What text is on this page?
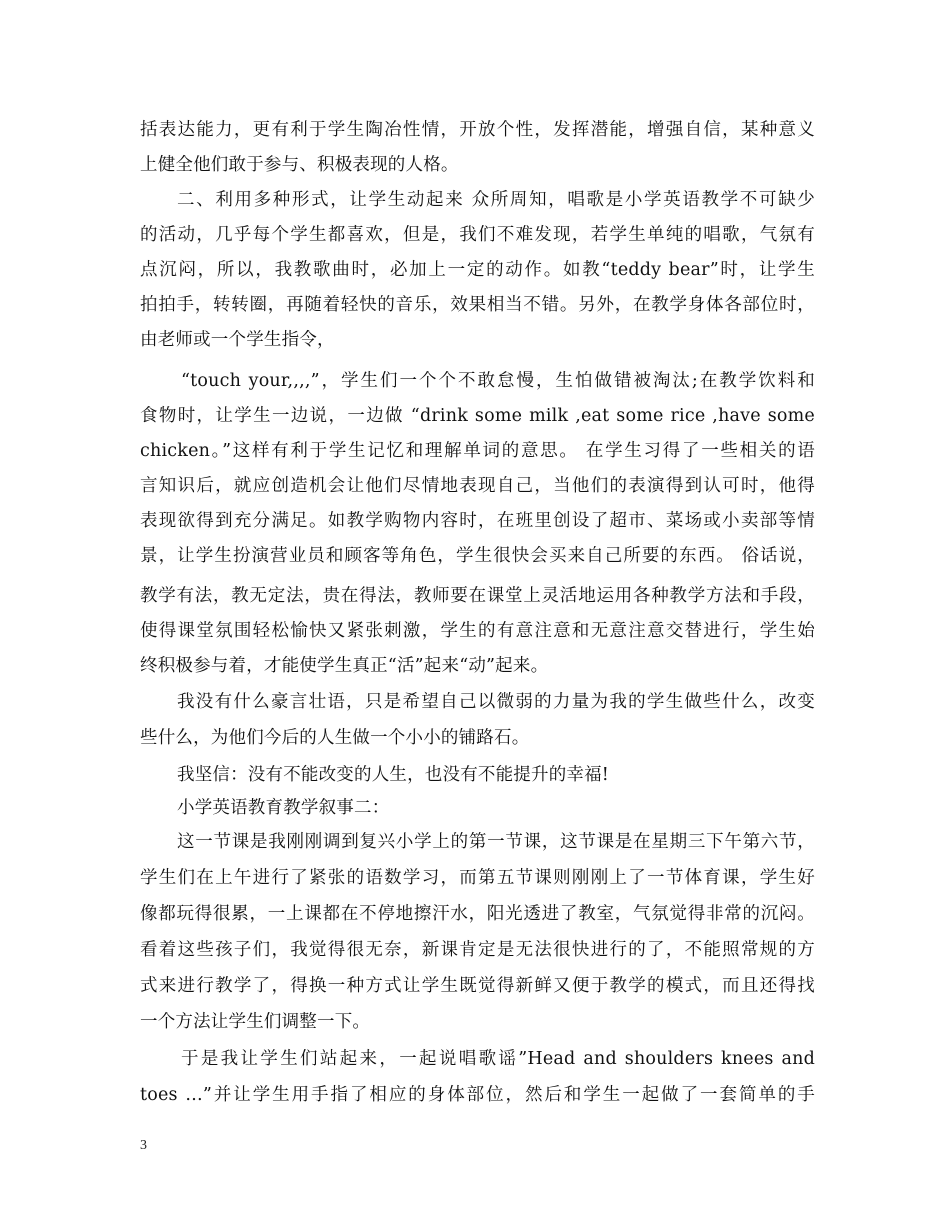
括表达能力，更有利于学生陶冶性情，开放个性，发挥潜能，增强自信，某种意义
上健全他们敢于参与、积极表现的人格。
二、利用多种形式，让学生动起来 众所周知，唱歌是小学英语教学不可缺少
的活动，几乎每个学生都喜欢，但是，我们不难发现，若学生单纯的唱歌，气氛有
点沉闷，所以，我教歌曲时，必加上一定的动作。如教“teddy bear”时，让学生
拍拍手，转转圈，再随着轻快的音乐，效果相当不错。另外，在教学身体各部位时，
由老师或一个学生指令，
“touch your,,,,”，学生们一个个不敢怠慢，生怕做错被淘汰;在教学饮料和
食物时，让学生一边说，一边做 “drink some milk ,eat some rice ,have some
chicken。”这样有利于学生记忆和理解单词的意思。 在学生习得了一些相关的语
言知识后，就应创造机会让他们尽情地表现自己，当他们的表演得到认可时，他得
表现欲得到充分满足。如教学购物内容时，在班里创设了超市、菜场或小卖部等情
景，让学生扮演营业员和顾客等角色，学生很快会买来自己所要的东西。 俗话说，
教学有法，教无定法，贵在得法，教师要在课堂上灵活地运用各种教学方法和手段，
使得课堂氛围轻松愉快又紧张刺激，学生的有意注意和无意注意交替进行，学生始
终积极参与着，才能使学生真正“活”起来“动”起来。
我没有什么豪言壮语，只是希望自己以微弱的力量为我的学生做些什么，改变
些什么，为他们今后的人生做一个小小的铺路石。
我坚信：没有不能改变的人生，也没有不能提升的幸福!
小学英语教育教学叙事二：
这一节课是我刚刚调到复兴小学上的第一节课，这节课是在星期三下午第六节，
学生们在上午进行了紧张的语数学习，而第五节课则刚刚上了一节体育课，学生好
像都玩得很累，一上课都在不停地擦汗水，阳光透进了教室，气氛觉得非常的沉闷。
看着这些孩子们，我觉得很无奈，新课肯定是无法很快进行的了，不能照常规的方
式来进行教学了，得换一种方式让学生既觉得新鲜又便于教学的模式，而且还得找
一个方法让学生们调整一下。
于是我让学生们站起来，一起说唱歌谣”Head and shoulders knees and
toes …”并让学生用手指了相应的身体部位，然后和学生一起做了一套简单的手
3
